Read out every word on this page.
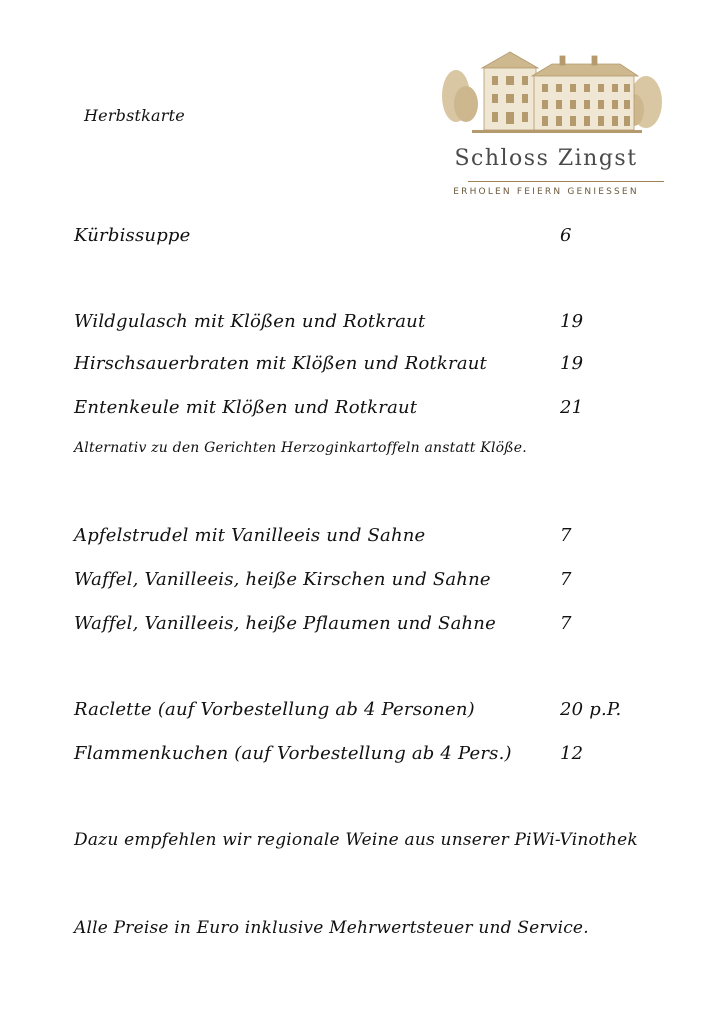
Herbstkarte
Schloss Zingst
ERHOLEN FEIERN GENIESSEN
Kürbissuppe	6
Wildgulasch mit Klößen und Rotkraut	19
Hirschsauerbraten mit Klößen und Rotkraut	19
Entenkeule mit Klößen und Rotkraut	21
Alternativ zu den Gerichten Herzoginkartoffeln anstatt Klöße.
Apfelstrudel mit Vanilleeis und Sahne	7
Waffel, Vanilleeis, heiße Kirschen und Sahne	7
Waffel, Vanilleeis, heiße Pflaumen und Sahne	7
Raclette (auf Vorbestellung ab 4 Personen)	20 p.P.
Flammenkuchen (auf Vorbestellung ab 4 Pers.)	12
Dazu empfehlen wir regionale Weine aus unserer PiWi-Vinothek
Alle Preise in Euro inklusive Mehrwertsteuer und Service.
